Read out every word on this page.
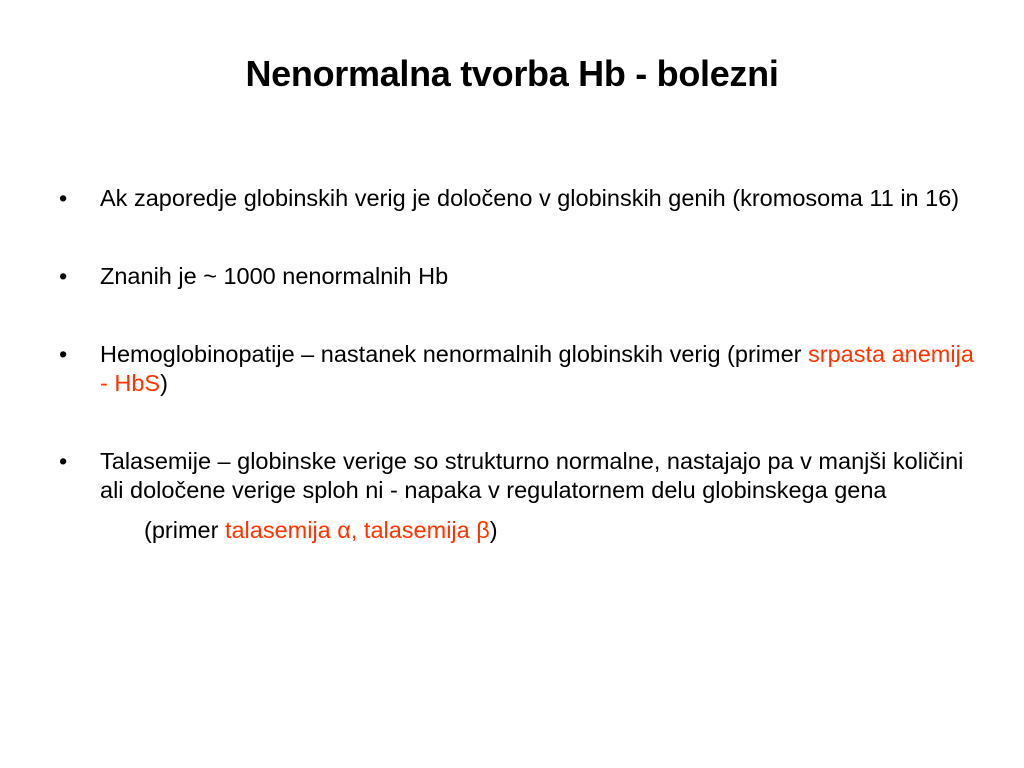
Nenormalna tvorba Hb - bolezni
• Ak zaporedje globinskih verig je določeno v globinskih genih (kromosoma 11 in 16)
• Znanih je ~ 1000 nenormalnih Hb
• Hemoglobinopatije – nastanek nenormalnih globinskih verig (primer srpasta anemija - HbS)
• Talasemije – globinske verige so strukturno normalne, nastajajo pa v manjši količini ali določene verige sploh ni - napaka v regulatornem delu globinskega gena
(primer talasemija α, talasemija β)
